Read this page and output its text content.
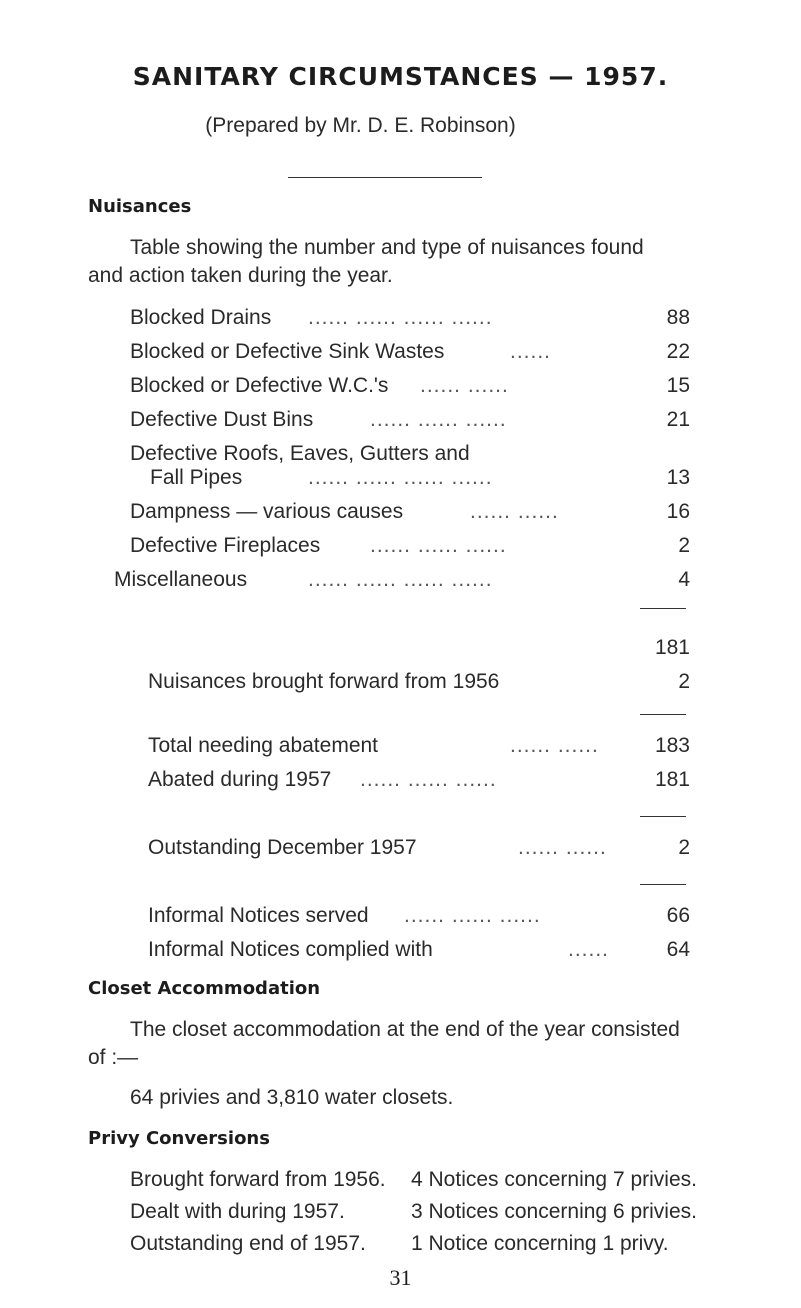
SANITARY CIRCUMSTANCES — 1957.
(Prepared by Mr. D. E. Robinson)
Nuisances
Table showing the number and type of nuisances found
and action taken during the year.
Blocked Drains ...... ...... ...... ......	88
Blocked or Defective Sink Wastes	......	22
Blocked or Defective W.C.'s ...... ......	15
Defective Dust Bins	...... ...... ......	21
Defective Roofs, Eaves, Gutters and
Fall Pipes	...... ...... ...... ......	13
Dampness — various causes	...... ......	16
Defective Fireplaces ...... ...... ......	2
Miscellaneous	...... ...... ...... ......	4
181
Nuisances brought forward from 1956	2
Total needing abatement	...... ......	183
Abated during 1957 ...... ...... ......	181
Outstanding December 1957	...... ......	2
Informal Notices served ...... ...... ......	66
Informal Notices complied with	......	64
Closet Accommodation
The closet accommodation at the end of the year consisted
of :—
64 privies and 3,810 water closets.
Privy Conversions
Brought forward from 1956. 4 Notices concerning 7 privies.
Dealt with during 1957.	3 Notices concerning 6 privies.
Outstanding end of 1957. 1 Notice concerning 1 privy.
31
